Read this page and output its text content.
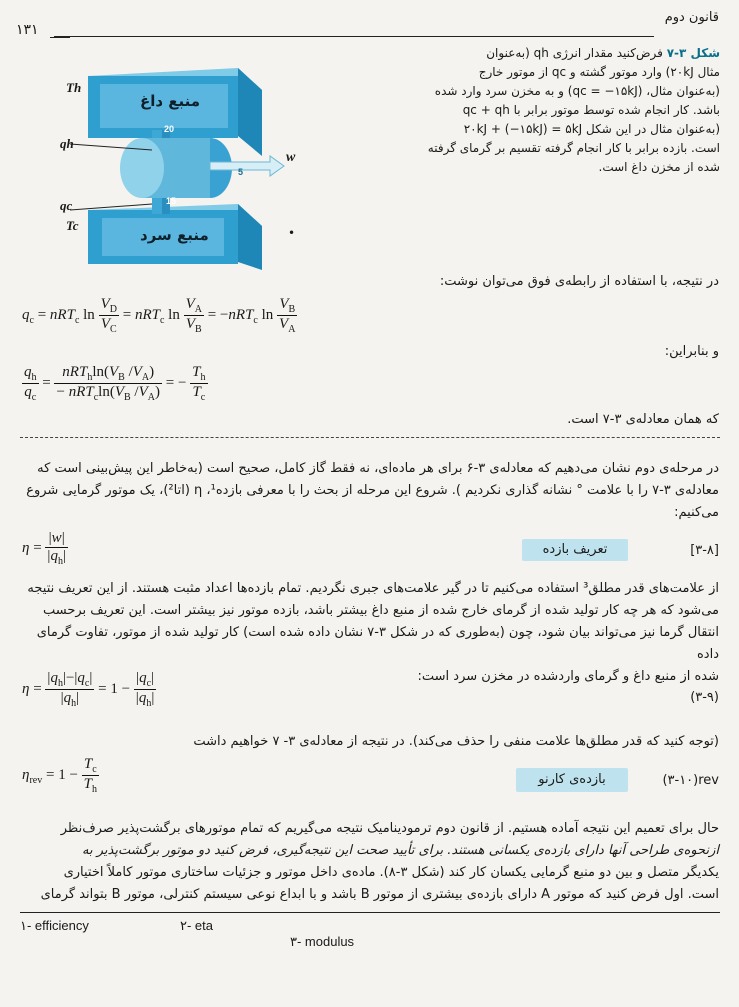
۱۳۱
قانون دوم
منبع داغ
منبع سرد
Th
qh
qc
Tc
w
20
5
15
شکل ۳-۷ فرض‌کنید مقدار انرژی qh (به‌عنوان
مثال ۲۰kJ) وارد موتور گشته و qc از موتور خارج
(به‌عنوان مثال، (qc = −۱۵kJ) و به مخزن سرد وارد شده
باشد. کار انجام شده توسط موتور برابر با qc + qh
(به‌عنوان مثال در این شکل ۲۰kJ + (−۱۵kJ) = ۵kJ
است. بازده برابر با کار انجام گرفته تقسیم بر گرمای گرفته
شده از مخزن داغ است.
•
در نتیجه، با استفاده از رابطه‌ی فوق می‌توان نوشت:
$q_c = nRT_c$ $\ln \frac{V_D}{V_C} = nRT_c$ $\ln \frac{V_A}{V_B} = -nRT_c$ $\ln \frac{V_B}{V_A}$
و بنابراین:
$\frac{q_h}{q_c} = \frac{nRT_h\ln(V_B /V_A)}{- nRT_c\ln(V_B /V_A)}$ = − $\frac{T_h}{T_c}$
که همان معادله‌ی ۳-۷ است.
در مرحله‌ی دوم نشان می‌دهیم که معادله‌ی ۳-۶ برای هر ماده‌ای، نه فقط گاز کامل، صحیح است (به‌خاطر این پیش‌بینی است که
معادله‌ی ۳-۷ را با علامت ° نشانه گذاری نکردیم ). شروع این مرحله از بحث را با معرفی بازده¹، η (اتا²)، یک موتور گرمایی شروع
می‌کنیم:
$\eta = \frac{|w|}{|q_h|}$	تعریف بازده	[۳-۸]
از علامت‌های قدر مطلق³ استفاده می‌کنیم تا در گیر علامت‌های جبری نگردیم. تمام بازده‌ها اعداد مثبت هستند. از این تعریف نتیجه
می‌شود که هر چه کار تولید شده از گرمای خارج شده از منبع داغ بیشتر باشد، بازده موتور نیز بیشتر است. این تعریف برحسب
انتقال گرما نیز می‌تواند بیان شود، چون (به‌طوری که در شکل ۳-۷ نشان داده شده است) کار تولید شده از موتور، تفاوت گرمای داده
شده از منبع داغ و گرمای وارد‌شده در مخزن سرد است:
$\eta = \frac{|q_h|-|q_c|}{|q_h|} = 1 - \frac{|q_c|}{|q_h|}$	(۳-۹)
(توجه کنید که قدر مطلق‌ها علامت منفی را حذف می‌کند). در نتیجه از معادله‌ی ۳- ۷ خواهیم داشت
$\eta_{rev} = 1 - \frac{T_c}{T_h}$	بازده‌ی کارنو	(۳-۱۰)rev
حال برای تعمیم این نتیجه آماده هستیم. از قانون دوم ترمودینامیک نتیجه می‌گیریم که تمام موتورهای برگشت‌پذیر صرف‌نظر
ازنحوه‌ی طراحی آنها دارای بازده‌ی یکسانی هستند. برای تأیید صحت این نتیجه‌گیری، فرض کنید دو موتور برگشت‌پذیر به
یکدیگر متصل و بین دو منبع گرمایی یکسان کار کند (شکل ۳-۸). ماده‌ی داخل موتور و جزئیات ساختاری موتور کاملاً اختیاری
است. اول فرض کنید که موتور A دارای بازده‌ی بیشتری از موتور B باشد و با ابداع نوعی سیستم کنترلی، موتور B بتواند گرمای
۱- efficiency	۲- eta
۳- modulus
